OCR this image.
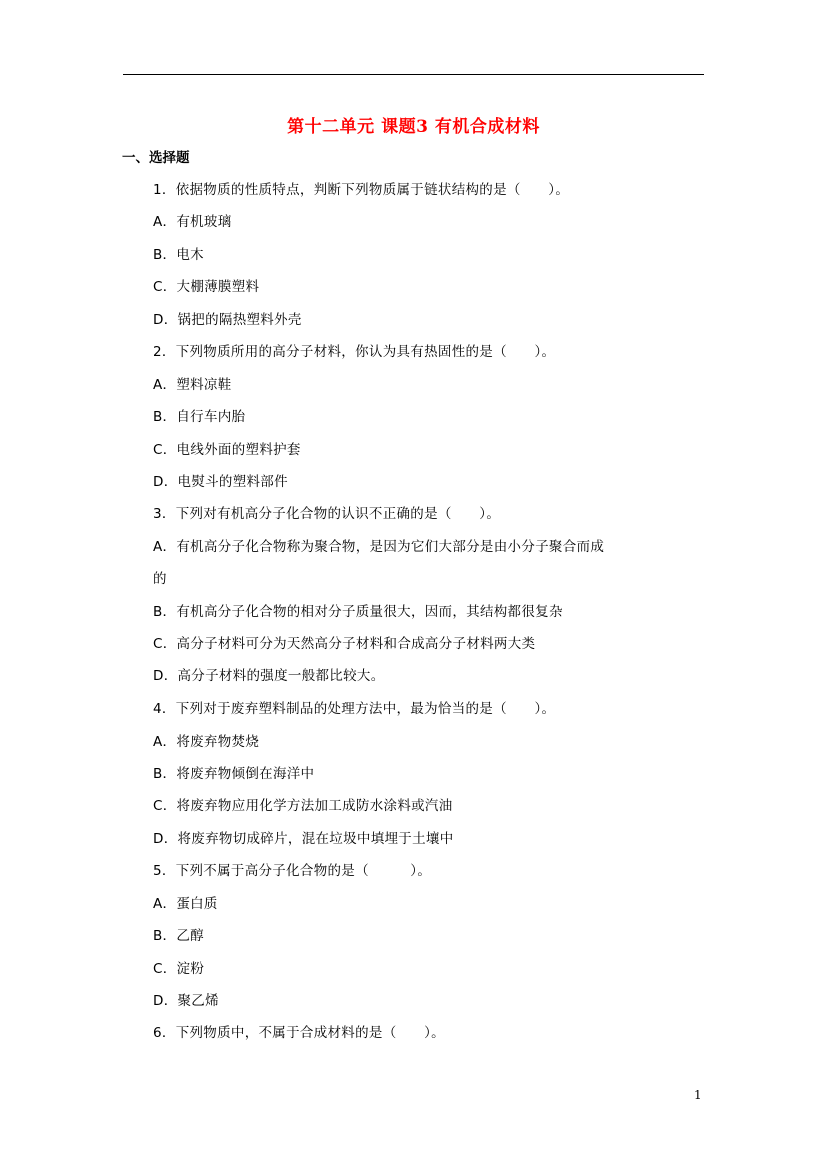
第十二单元 课题3 有机合成材料
一、选择题
1．依据物质的性质特点，判断下列物质属于链状结构的是（　　）。
A．有机玻璃
B．电木
C．大棚薄膜塑料
D．锅把的隔热塑料外壳
2．下列物质所用的高分子材料，你认为具有热固性的是（　　）。
A．塑料凉鞋
B．自行车内胎
C．电线外面的塑料护套
D．电熨斗的塑料部件
3．下列对有机高分子化合物的认识不正确的是（　　）。
A．有机高分子化合物称为聚合物，是因为它们大部分是由小分子聚合而成
的
B．有机高分子化合物的相对分子质量很大，因而，其结构都很复杂
C．高分子材料可分为天然高分子材料和合成高分子材料两大类
D．高分子材料的强度一般都比较大。
4．下列对于废弃塑料制品的处理方法中，最为恰当的是（　　）。
A．将废弃物焚烧
B．将废弃物倾倒在海洋中
C．将废弃物应用化学方法加工成防水涂料或汽油
D．将废弃物切成碎片，混在垃圾中填埋于土壤中
5．下列不属于高分子化合物的是（　　　）。
A．蛋白质
B．乙醇
C．淀粉
D．聚乙烯
6．下列物质中，不属于合成材料的是（　　）。
1
